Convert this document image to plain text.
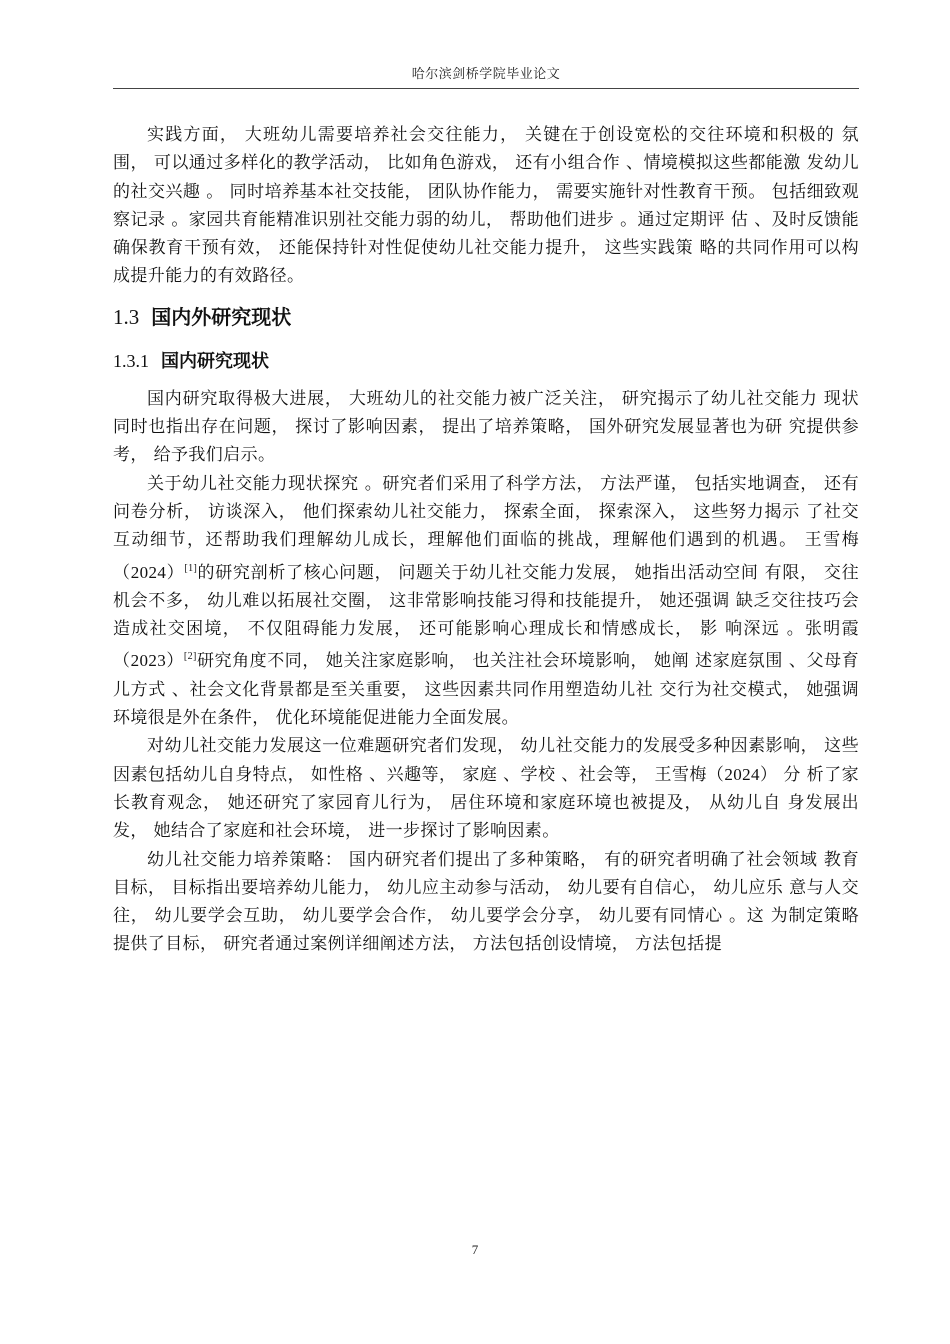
哈尔滨剑桥学院毕业论文

实践方面， 大班幼儿需要培养社会交往能力， 关键在于创设宽松的交往环境和积极的 氛围， 可以通过多样化的教学活动， 比如角色游戏， 还有小组合作 、情境模拟这些都能激 发幼儿的社交兴趣 。 同时培养基本社交技能， 团队协作能力， 需要实施针对性教育干预。 包括细致观察记录 。家园共育能精准识别社交能力弱的幼儿， 帮助他们进步 。通过定期评 估 、及时反馈能确保教育干预有效， 还能保持针对性促使幼儿社交能力提升， 这些实践策 略的共同作用可以构成提升能力的有效路径。

1.3 国内外研究现状
1.3.1 国内研究现状

国内研究取得极大进展， 大班幼儿的社交能力被广泛关注， 研究揭示了幼儿社交能力 现状同时也指出存在问题， 探讨了影响因素， 提出了培养策略， 国外研究发展显著也为研 究提供参考， 给予我们启示。

关于幼儿社交能力现状探究 。研究者们采用了科学方法， 方法严谨， 包括实地调查， 还有问卷分析， 访谈深入， 他们探索幼儿社交能力， 探索全面， 探索深入， 这些努力揭示 了社交互动细节，还帮助我们理解幼儿成长，理解他们面临的挑战，理解他们遇到的机遇。 王雪梅（2024）[1]的研究剖析了核心问题， 问题关于幼儿社交能力发展， 她指出活动空间 有限， 交往机会不多， 幼儿难以拓展社交圈， 这非常影响技能习得和技能提升， 她还强调 缺乏交往技巧会造成社交困境， 不仅阻碍能力发展， 还可能影响心理成长和情感成长， 影 响深远 。张明霞（2023）[2]研究角度不同， 她关注家庭影响， 也关注社会环境影响， 她阐 述家庭氛围 、父母育儿方式 、社会文化背景都是至关重要， 这些因素共同作用塑造幼儿社 交行为社交模式， 她强调环境很是外在条件， 优化环境能促进能力全面发展。

对幼儿社交能力发展这一位难题研究者们发现， 幼儿社交能力的发展受多种因素影响， 这些因素包括幼儿自身特点， 如性格 、兴趣等， 家庭 、学校 、社会等， 王雪梅（2024） 分 析了家长教育观念， 她还研究了家园育儿行为， 居住环境和家庭环境也被提及， 从幼儿自 身发展出发， 她结合了家庭和社会环境， 进一步探讨了影响因素。

幼儿社交能力培养策略： 国内研究者们提出了多种策略， 有的研究者明确了社会领域 教育目标， 目标指出要培养幼儿能力， 幼儿应主动参与活动， 幼儿要有自信心， 幼儿应乐 意与人交往， 幼儿要学会互助， 幼儿要学会合作， 幼儿要学会分享， 幼儿要有同情心 。这 为制定策略提供了目标， 研究者通过案例详细阐述方法， 方法包括创设情境， 方法包括提

7
